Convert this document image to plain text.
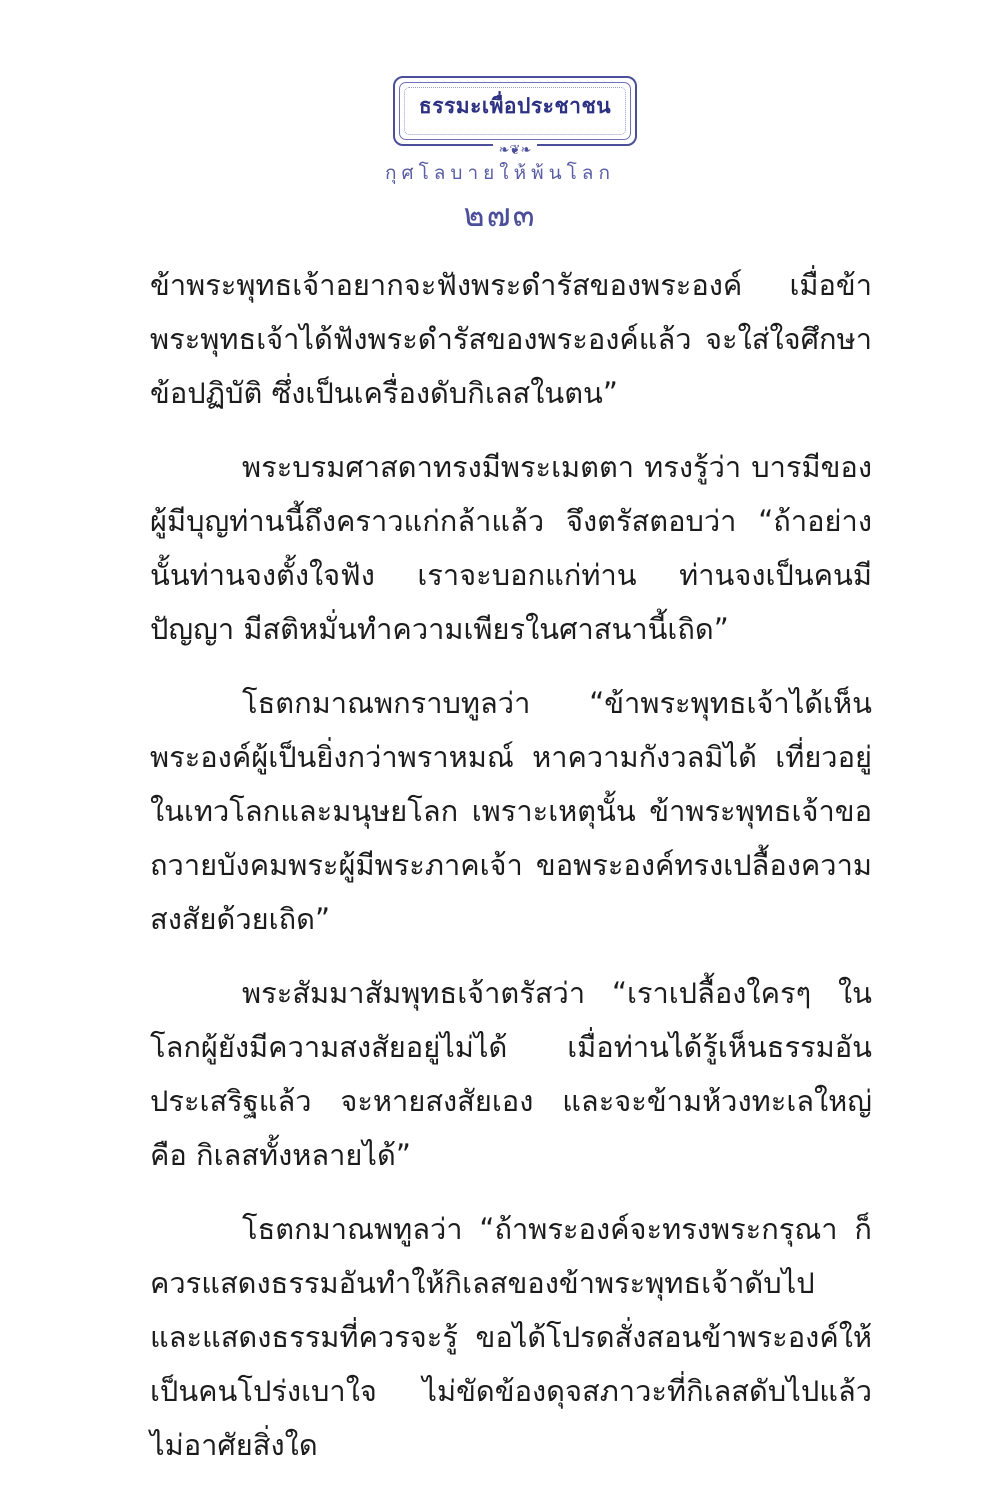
ธรรมะเพื่อประชาชน
❧❦❧
กุศโลบายให้พ้นโลก
๒๗๓

ข้าพระพุทธเจ้าอยากจะฟังพระดำรัสของพระองค์ เมื่อข้าพระพุทธเจ้าได้ฟังพระดำรัสของพระองค์แล้ว จะใส่ใจศึกษาข้อปฏิบัติ ซึ่งเป็นเครื่องดับกิเลสในตน”

พระบรมศาสดาทรงมีพระเมตตา ทรงรู้ว่า บารมีของผู้มีบุญท่านนี้ถึงคราวแก่กล้าแล้ว จึงตรัสตอบว่า “ถ้าอย่างนั้นท่านจงตั้งใจฟัง เราจะบอกแก่ท่าน ท่านจงเป็นคนมีปัญญา มีสติหมั่นทำความเพียรในศาสนานี้เถิด”

โธตกมาณพกราบทูลว่า “ข้าพระพุทธเจ้าได้เห็นพระองค์ผู้เป็นยิ่งกว่าพราหมณ์ หาความกังวลมิได้ เที่ยวอยู่ในเทวโลกและมนุษยโลก เพราะเหตุนั้น ข้าพระพุทธเจ้าขอถวายบังคมพระผู้มีพระภาคเจ้า ขอพระองค์ทรงเปลื้องความสงสัยด้วยเถิด”

พระสัมมาสัมพุทธเจ้าตรัสว่า “เราเปลื้องใครๆ ในโลกผู้ยังมีความสงสัยอยู่ไม่ได้ เมื่อท่านได้รู้เห็นธรรมอันประเสริฐแล้ว จะหายสงสัยเอง และจะข้ามห้วงทะเลใหญ่ คือ กิเลสทั้งหลายได้”

โธตกมาณพทูลว่า “ถ้าพระองค์จะทรงพระกรุณา ก็ควรแสดงธรรมอันทำให้กิเลสของข้าพระพุทธเจ้าดับไป และแสดงธรรมที่ควรจะรู้ ขอได้โปรดสั่งสอนข้าพระองค์ให้เป็นคนโปร่งเบาใจ ไม่ขัดข้องดุจสภาวะที่กิเลสดับไปแล้ว ไม่อาศัยสิ่งใด
